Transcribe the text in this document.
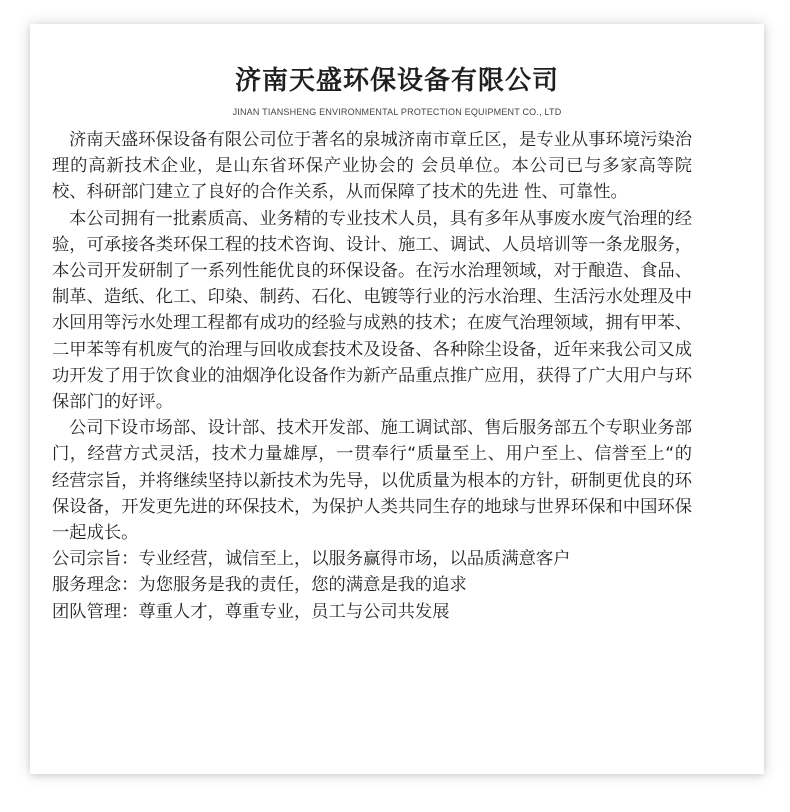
济南天盛环保设备有限公司

JINAN TIANSHENG ENVIRONMENTAL PROTECTION EQUIPMENT CO., LTD

济南天盛环保设备有限公司位于著名的泉城济南市章丘区，是专业从事环境污染治理的高新技术企业，是山东省环保产业协会的 会员单位。本公司已与多家高等院校、科研部门建立了良好的合作关系，从而保障了技术的先进 性、可靠性。

本公司拥有一批素质高、业务精的专业技术人员，具有多年从事废水废气治理的经验，可承接各类环保工程的技术咨询、设计、施工、调试、人员培训等一条龙服务，本公司开发研制了一系列性能优良的环保设备。在污水治理领域，对于酿造、食品、制革、造纸、化工、印染、制药、石化、电镀等行业的污水治理、生活污水处理及中水回用等污水处理工程都有成功的经验与成熟的技术；在废气治理领域，拥有甲苯、二甲苯等有机废气的治理与回收成套技术及设备、各种除尘设备，近年来我公司又成功开发了用于饮食业的油烟净化设备作为新产品重点推广应用，获得了广大用户与环保部门的好评。

公司下设市场部、设计部、技术开发部、施工调试部、售后服务部五个专职业务部门，经营方式灵活，技术力量雄厚，一贯奉行“质量至上、用户至上、信誉至上“的经营宗旨，并将继续坚持以新技术为先导，以优质量为根本的方针，研制更优良的环保设备，开发更先进的环保技术，为保护人类共同生存的地球与世界环保和中国环保一起成长。

公司宗旨：专业经营，诚信至上，以服务赢得市场，以品质满意客户

服务理念：为您服务是我的责任，您的满意是我的追求

团队管理：尊重人才，尊重专业，员工与公司共发展
